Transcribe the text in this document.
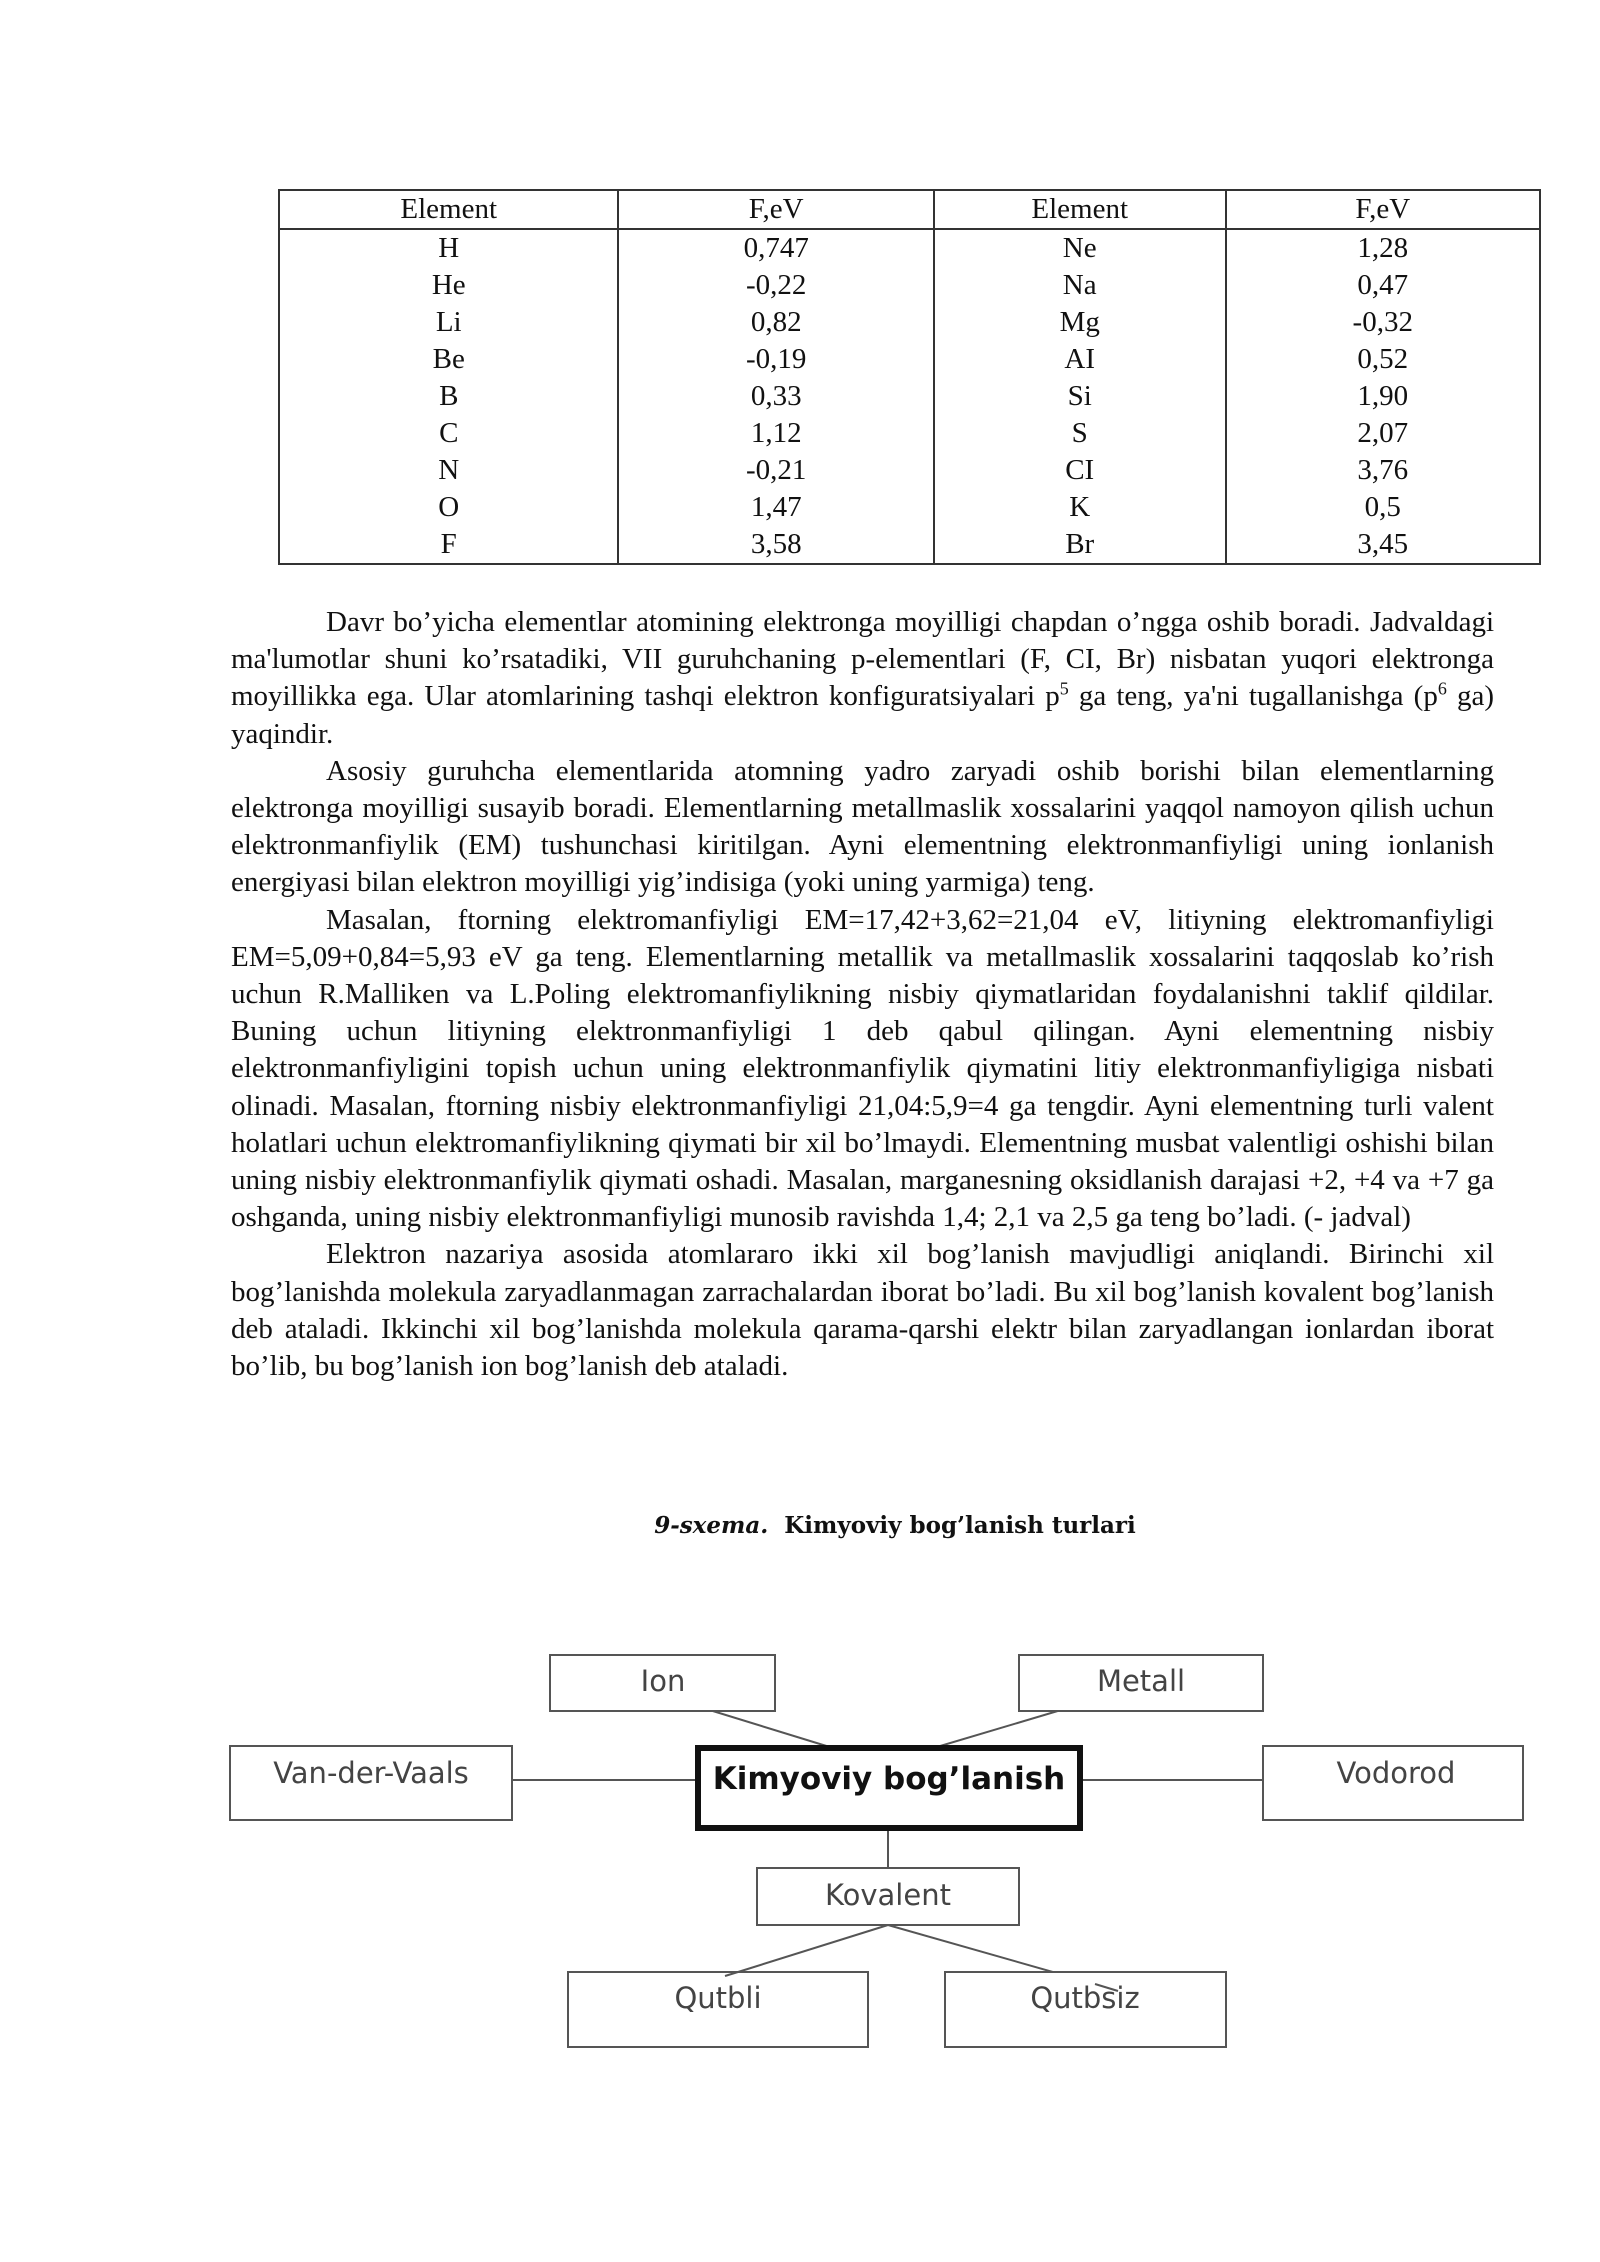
Element	F,eV	Element	F,eV
H	0,747	Ne	1,28
He	-0,22	Na	0,47
Li	0,82	Mg	-0,32
Be	-0,19	AI	0,52
B	0,33	Si	1,90
C	1,12	S	2,07
N	-0,21	CI	3,76
O	1,47	K	0,5
F	3,58	Br	3,45

Davr bo’yicha elementlar atomining elektronga moyilligi chapdan o’ngga oshib boradi. Jadvaldagi ma'lumotlar shuni ko’rsatadiki, VII guruhchaning p-elementlari (F, CI, Br) nisbatan yuqori elektronga moyillikka ega. Ular atomlarining tashqi elektron konfiguratsiyalari $p^5$ ga teng, ya'ni tugallanishga ($p^6$ ga) yaqindir.

Asosiy guruhcha elementlarida atomning yadro zaryadi oshib borishi bilan elementlarning elektronga moyilligi susayib boradi. Elementlarning metallmaslik xossalarini yaqqol namoyon qilish uchun elektronmanfiylik (EM) tushunchasi kiritilgan. Ayni elementning elektronmanfiyligi uning ionlanish energiyasi bilan elektron moyilligi yig’indisiga (yoki uning yarmiga) teng.

Masalan, ftorning elektromanfiyligi EM=17,42+3,62=21,04 eV, litiyning elektromanfiyligi EM=5,09+0,84=5,93 eV ga teng. Elementlarning metallik va metallmaslik xossalarini taqqoslab ko’rish uchun R.Malliken va L.Poling elektromanfiylikning nisbiy qiymatlaridan foydalanishni taklif qildilar. Buning uchun litiyning elektronmanfiyligi 1 deb qabul qilingan. Ayni elementning nisbiy elektronmanfiyligini topish uchun uning elektronmanfiylik qiymatini litiy elektronmanfiyligiga nisbati olinadi. Masalan, ftorning nisbiy elektronmanfiyligi 21,04:5,9=4 ga tengdir. Ayni elementning turli valent holatlari uchun elektromanfiylikning qiymati bir xil bo’lmaydi. Elementning musbat valentligi oshishi bilan uning nisbiy elektronmanfiylik qiymati oshadi. Masalan, marganesning oksidlanish darajasi +2, +4 va +7 ga oshganda, uning nisbiy elektronmanfiyligi munosib ravishda 1,4; 2,1 va 2,5 ga teng bo’ladi. (- jadval)

Elektron nazariya asosida atomlararo ikki xil bog’lanish mavjudligi aniqlandi. Birinchi xil bog’lanishda molekula zaryadlanmagan zarrachalardan iborat bo’ladi. Bu xil bog’lanish kovalent bog’lanish deb ataladi. Ikkinchi xil bog’lanishda molekula qarama-qarshi elektr bilan zaryadlangan ionlardan iborat bo’lib, bu bog’lanish ion bog’lanish deb ataladi.

9-sxema. Kimyoviy bog’lanish turlari
Ion	Metall
Van-der-Vaals	Vodorod
Kimyoviy bog’lanish
Kovalent
Qutbli	Qutbsiz
